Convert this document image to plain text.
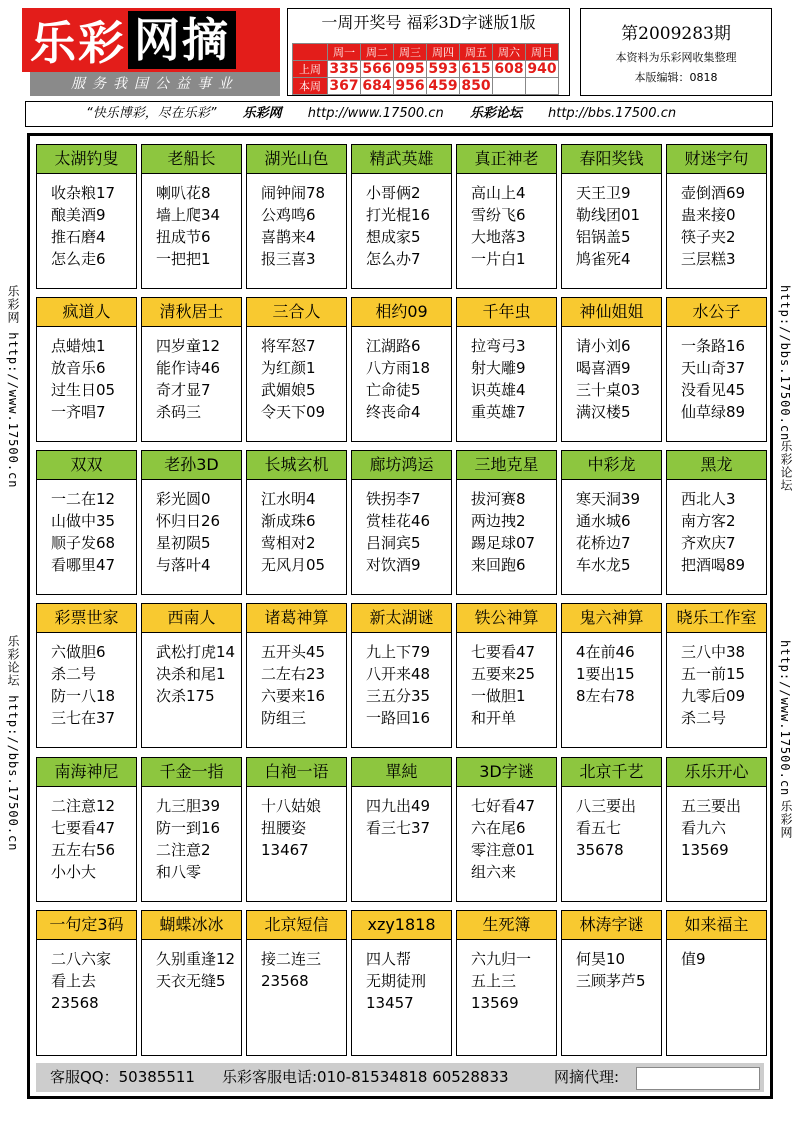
乐彩 网摘
服务我国公益事业
一周开奖号 福彩3D字谜版1版
	周一	周二	周三	周四	周五	周六	周日
上周	335	566	095	593	615	608	940
本周	367	684	956	459	850		
第2009283期
本资料为乐彩网收集整理
本版编辑：0818
“快乐博彩，尽在乐彩” 乐彩网 http://www.17500.cn 乐彩论坛 http://bbs.17500.cn
乐彩网 http://www.17500.cn
乐彩论坛 http://bbs.17500.cn
http://bbs.17500.cn
乐彩论坛
http://www.17500.cn
乐彩网
太湖钓叟
收杂粮17
酿美酒9
推石磨4
怎么走6
老船长
喇叭花8
墙上爬34
扭成节6
一把把1
湖光山色
闹钟闹78
公鸡鸣6
喜鹊来4
报三喜3
精武英雄
小哥俩2
打光棍16
想成家5
怎么办7
真正神老
高山上4
雪纷飞6
大地落3
一片白1
春阳奖钱
天王卫9
勒线团01
铝锅盖5
鸠雀死4
财迷字句
壶倒酒69
蛊来接0
筷子夹2
三层糕3
疯道人
点蜡烛1
放音乐6
过生日05
一齐唱7
清秋居士
四岁童12
能作诗46
奇才显7
杀码三
三合人
将军怒7
为红颜1
武媚娘5
令天下09
相约09
江湖路6
八方雨18
亡命徒5
终丧命4
千年虫
拉弯弓3
射大雕9
识英雄4
重英雄7
神仙姐姐
请小刘6
喝喜酒9
三十桌03
满汉楼5
水公子
一条路16
天山奇37
没看见45
仙草绿89
双双
一二在12
山做中35
顺子发68
看哪里47
老孙3D
彩光圆0
怀归日26
星初陨5
与落叶4
长城玄机
江水明4
渐成珠6
莺相对2
无风月05
廊坊鸿运
铁拐李7
赏桂花46
吕洞宾5
对饮酒9
三地克星
拔河赛8
两边拽2
踢足球07
来回跑6
中彩龙
寒天洞39
通水城6
花桥边7
车水龙5
黑龙
西北人3
南方客2
齐欢庆7
把酒喝89
彩票世家
六做胆6
杀二号
防一八18
三七在37
西南人
武松打虎14
决杀和尾1
次杀175
诸葛神算
五开头45
二左右23
六要来16
防组三
新太湖谜
九上下79
八开来48
三五分35
一路回16
铁公神算
七要看47
五要来25
一做胆1
和开单
鬼六神算
4在前46
1要出15
8左右78
晓乐工作室
三八中38
五一前15
九零后09
杀二号
南海神尼
二注意12
七要看47
五左右56
小小大
千金一指
九三胆39
防一到16
二注意2
和八零
白袍一语
十八姑娘
扭腰姿
13467
單純
四九出49
看三七37
3D字谜
七好看47
六在尾6
零注意01
组六来
北京千艺
八三要出
看五七
35678
乐乐开心
五三要出
看九六
13569
一句定3码
二八六家
看上去
23568
蝴蝶冰冰
久别重逢12
天衣无缝5
北京短信
接二连三
23568
xzy1818
四人帮
无期徒刑
13457
生死簿
六九归一
五上三
13569
林涛字谜
何昊10
三顾茅芦5
如来福主
值9
客服QQ：50385511 乐彩客服电话:010-81534818 60528833	网摘代理:
